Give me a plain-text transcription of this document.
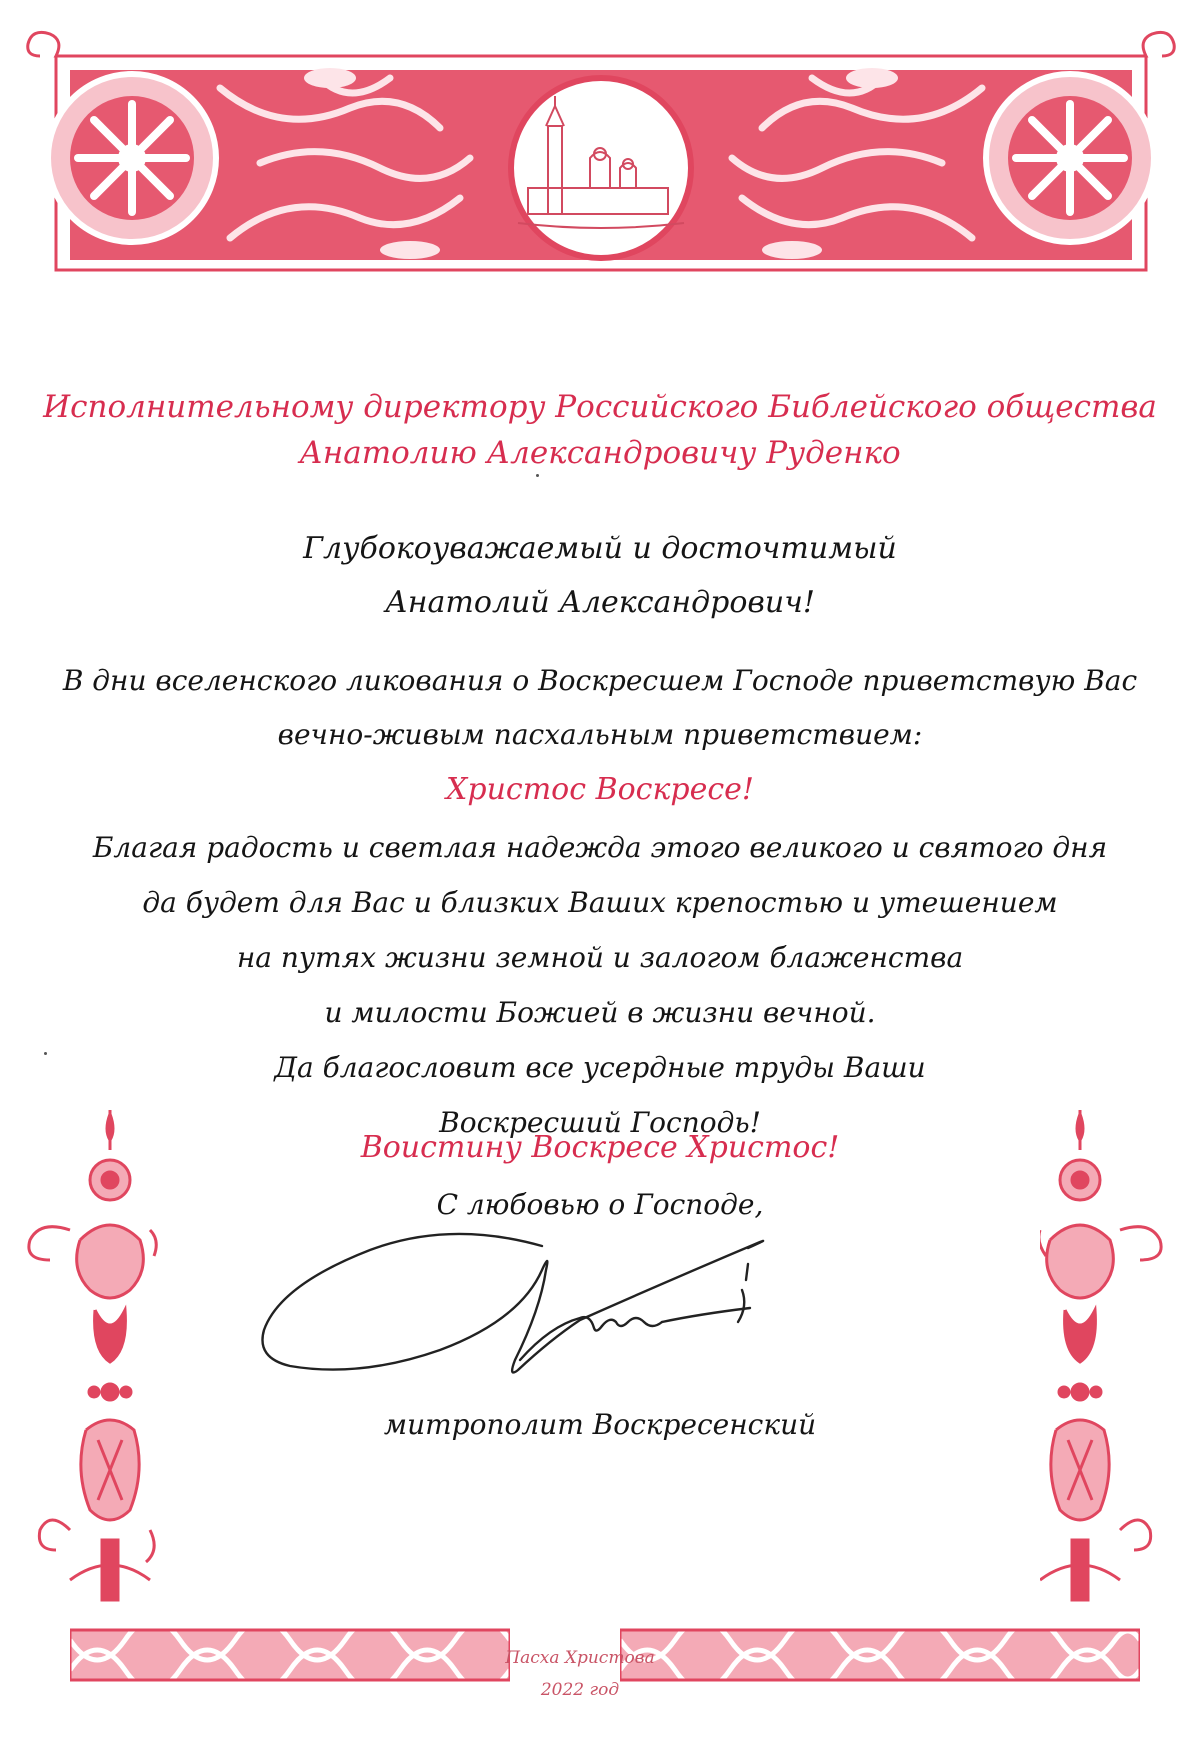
Исполнительному директору Российского Библейского общества
Анатолию Александровичу Руденко
Глубокоуважаемый и досточтимый
Анатолий Александрович!
В дни вселенского ликования о Воскресшем Господе приветствую Вас
вечно-живым пасхальным приветствием:
Христос Воскресе!
Благая радость и светлая надежда этого великого и святого дня
да будет для Вас и близких Ваших крепостью и утешением
на путях жизни земной и залогом блаженства
и милости Божией в жизни вечной.
Да благословит все усердные труды Ваши
Воскресший Господь!
Воистину Воскресе Христос!
С любовью о Господе,
митрополит Воскресенский
Пасха Христова
2022 год
